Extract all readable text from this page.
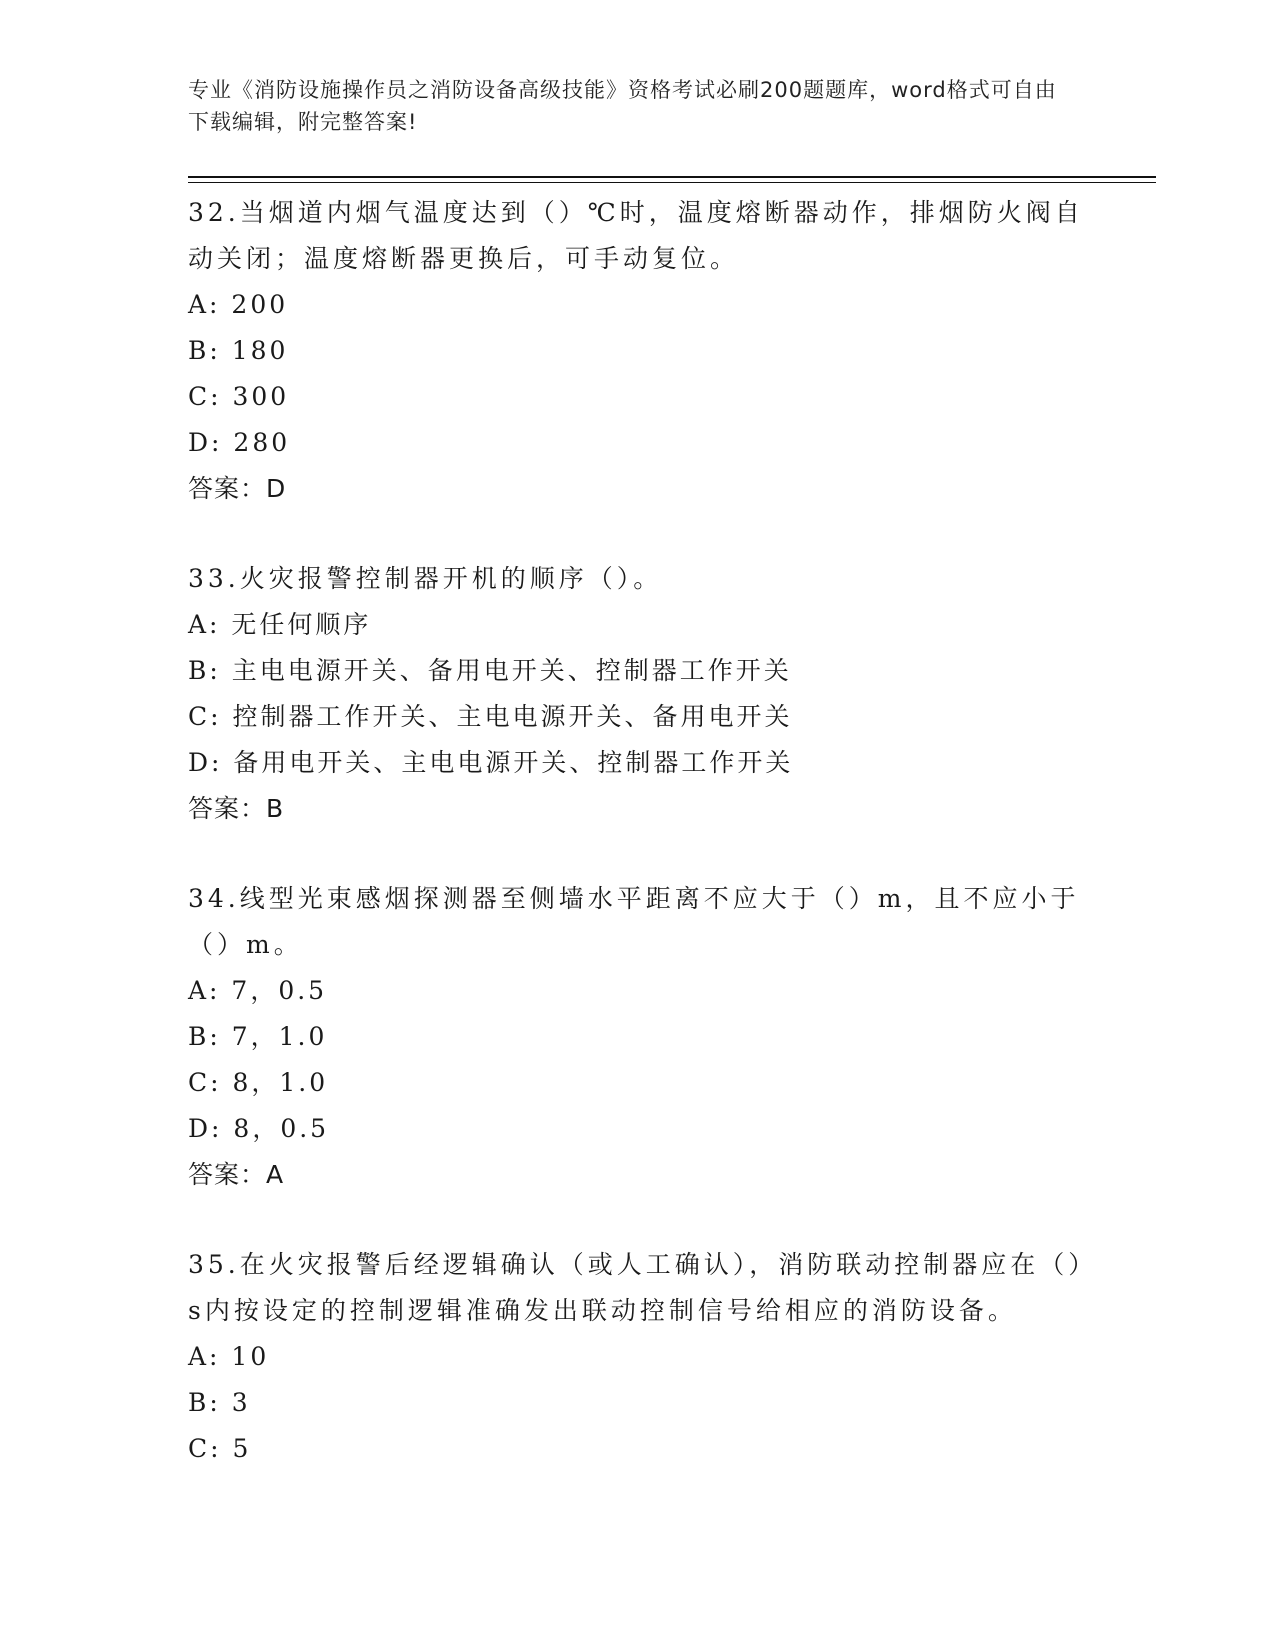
专业《消防设施操作员之消防设备高级技能》资格考试必刷200题题库，word格式可自由下载编辑，附完整答案!

32.当烟道内烟气温度达到（）℃时，温度熔断器动作，排烟防火阀自动关闭；温度熔断器更换后，可手动复位。

A: 200

B: 180

C: 300

D: 280

答案：D

33.火灾报警控制器开机的顺序（）。

A: 无任何顺序

B: 主电电源开关、备用电开关、控制器工作开关

C: 控制器工作开关、主电电源开关、备用电开关

D: 备用电开关、主电电源开关、控制器工作开关

答案：B

34.线型光束感烟探测器至侧墙水平距离不应大于（）m，且不应小于（）m。

A: 7，0.5

B: 7，1.0

C: 8，1.0

D: 8，0.5

答案：A

35.在火灾报警后经逻辑确认（或人工确认），消防联动控制器应在（）s内按设定的控制逻辑准确发出联动控制信号给相应的消防设备。

A: 10

B: 3

C: 5
